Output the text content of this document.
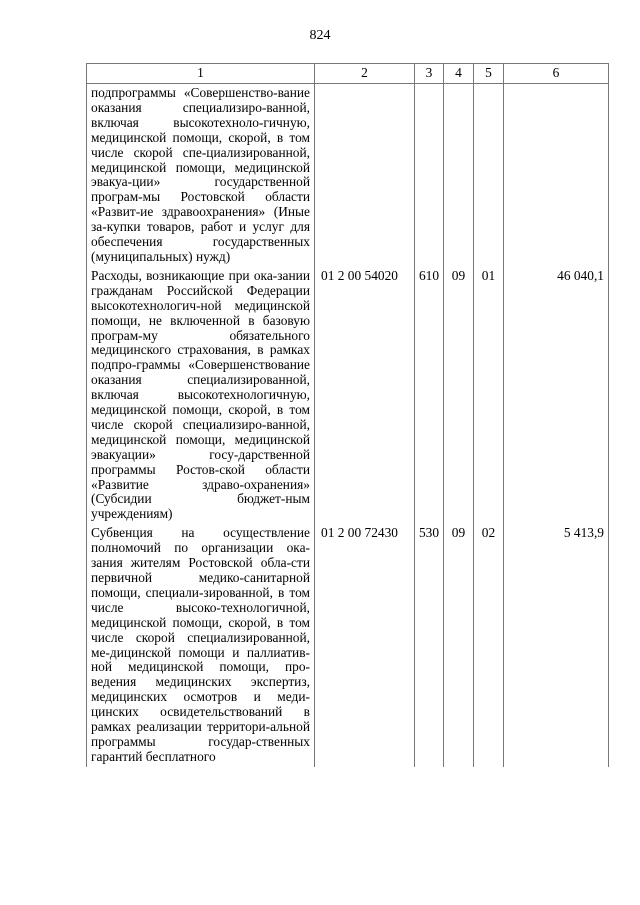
824
1	2	3	4	5	6
подпрограммы «Совершенство-вание оказания специализиро-ванной, включая высокотехноло-гичную, медицинской помощи, скорой, в том числе скорой спе-циализированной, медицинской помощи, медицинской эвакуа-ции» государственной програм-мы Ростовской области «Развит-ие здравоохранения» (Иные за-купки товаров, работ и услуг для обеспечения государственных (муниципальных) нужд)					
Расходы, возникающие при ока-зании гражданам Российской Федерации высокотехнологич-ной медицинской помощи, не включенной в базовую програм-му обязательного медицинского страхования, в рамках подпро-граммы «Совершенствование оказания специализированной, включая высокотехнологичную, медицинской помощи, скорой, в том числе скорой специализиро-ванной, медицинской помощи, медицинской эвакуации» госу-дарственной программы Ростов-ской области «Развитие здраво-охранения» (Субсидии бюджет-ным учреждениям)	01 2 00 54020	610	09	01	46 040,1
Субвенция на осуществление полномочий по организации ока-зания жителям Ростовской обла-сти первичной медико-санитарной помощи, специали-зированной, в том числе высоко-технологичной, медицинской помощи, скорой, в том числе скорой специализированной, ме-дицинской помощи и паллиатив-ной медицинской помощи, про-ведения медицинских экспертиз, медицинских осмотров и меди-цинских освидетельствований в рамках реализации территори-альной программы государ-ственных гарантий бесплатного	01 2 00 72430	530	09	02	5 413,9
